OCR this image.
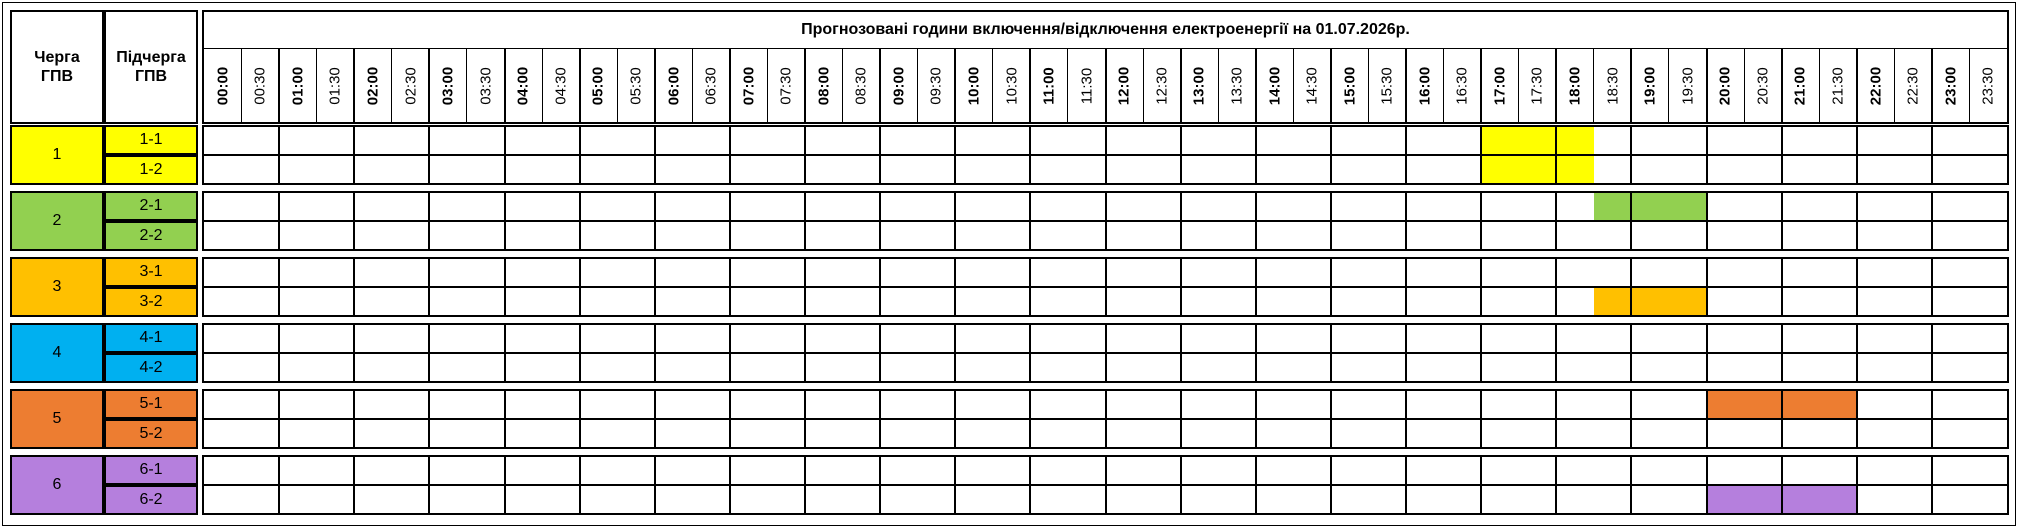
Черга
ГПВ
Підчерга
ГПВ
Прогнозовані години включення/відключення електроенергії на 01.07.2026р.
00:00 00:30 01:00 01:30 02:00 02:30 03:00 03:30 04:00 04:30 05:00 05:30 06:00 06:30 07:00 07:30 08:00 08:30 09:00 09:30 10:00 10:30 11:00 11:30 12:00 12:30 13:00 13:30 14:00 14:30 15:00 15:30 16:00 16:30 17:00 17:30 18:00 18:30 19:00 19:30 20:00 20:30 21:00 21:30 22:00 22:30 23:00 23:30
1
1-1
1-2
2
2-1
2-2
3
3-1
3-2
4
4-1
4-2
5
5-1
5-2
6
6-1
6-2
